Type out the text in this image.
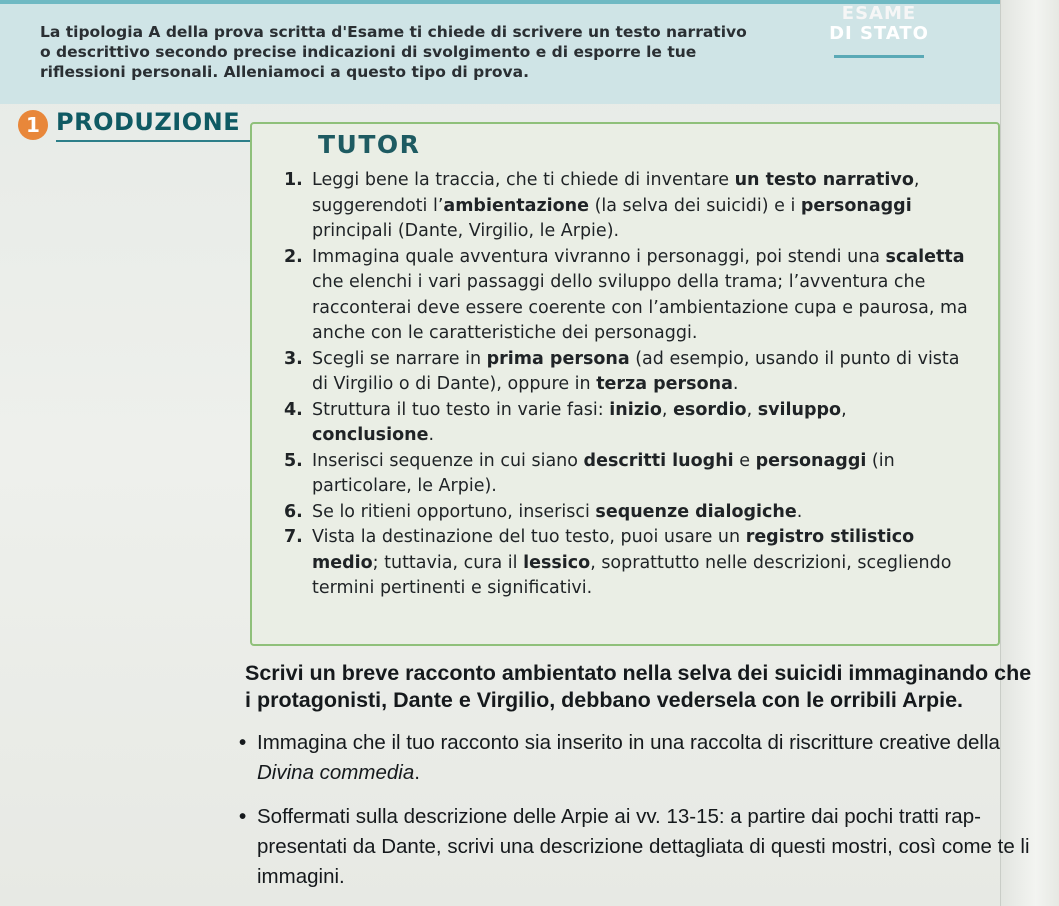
La tipologia A della prova scritta d'Esame ti chiede di scrivere un testo narrativo o descrittivo secondo precise indicazioni di svolgimento e di esporre le tue riflessioni personali. Alleniamoci a questo tipo di prova.
ESAME
DI STATO
1 PRODUZIONE
TUTOR
1. Leggi bene la traccia, che ti chiede di inventare un testo narrativo, suggerendoti l’ambientazione (la selva dei suicidi) e i personaggi principali (Dante, Virgilio, le Arpie).
2. Immagina quale avventura vivranno i personaggi, poi stendi una scaletta che elenchi i vari passaggi dello sviluppo della trama; l’avventura che racconterai deve essere coerente con l’ambientazione cupa e paurosa, ma anche con le caratteristiche dei personaggi.
3. Scegli se narrare in prima persona (ad esempio, usando il punto di vista di Virgilio o di Dante), oppure in terza persona.
4. Struttura il tuo testo in varie fasi: inizio, esordio, sviluppo, conclusione.
5. Inserisci sequenze in cui siano descritti luoghi e personaggi (in particolare, le Arpie).
6. Se lo ritieni opportuno, inserisci sequenze dialogiche.
7. Vista la destinazione del tuo testo, puoi usare un registro stilistico medio; tuttavia, cura il lessico, soprattutto nelle descrizioni, scegliendo termini pertinenti e significativi.
Scrivi un breve racconto ambientato nella selva dei suicidi immaginando che i protagonisti, Dante e Virgilio, debbano vedersela con le orribili Arpie.
• Immagina che il tuo racconto sia inserito in una raccolta di riscritture creative della Divina commedia.
• Soffermati sulla descrizione delle Arpie ai vv. 13-15: a partire dai pochi tratti rap-presentati da Dante, scrivi una descrizione dettagliata di questi mostri, così come te li immagini.
